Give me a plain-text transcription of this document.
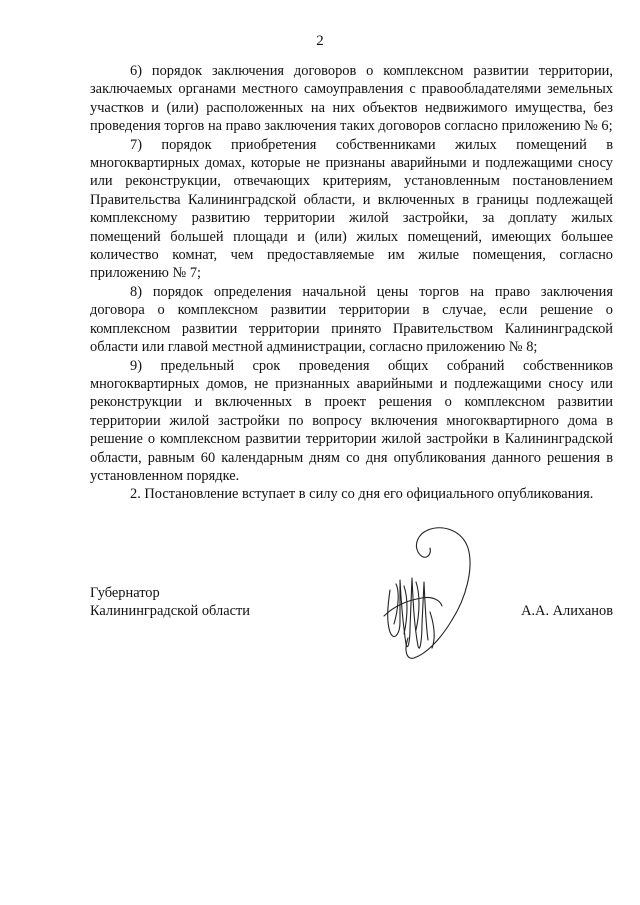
2

6) порядок заключения договоров о комплексном развитии территории, заключаемых органами местного самоуправления с правообладателями земельных участков и (или) расположенных на них объектов недвижимого имущества, без проведения торгов на право заключения таких договоров согласно приложению № 6;

7) порядок приобретения собственниками жилых помещений в многоквартирных домах, которые не признаны аварийными и подлежащими сносу или реконструкции, отвечающих критериям, установленным постановлением Правительства Калининградской области, и включенных в границы подлежащей комплексному развитию территории жилой застройки, за доплату жилых помещений большей площади и (или) жилых помещений, имеющих большее количество комнат, чем предоставляемые им жилые помещения, согласно приложению № 7;

8) порядок определения начальной цены торгов на право заключения договора о комплексном развитии территории в случае, если решение о комплексном развитии территории принято Правительством Калининградской области или главой местной администрации, согласно приложению № 8;

9) предельный срок проведения общих собраний собственников многоквартирных домов, не признанных аварийными и подлежащими сносу или реконструкции и включенных в проект решения о комплексном развитии территории жилой застройки по вопросу включения многоквартирного дома в решение о комплексном развитии территории жилой застройки в Калининградской области, равным 60 календарным дням со дня опубликования данного решения в установленном порядке.

2. Постановление вступает в силу со дня его официального опубликования.

Губернатор
Калининградской области	А.А. Алиханов
